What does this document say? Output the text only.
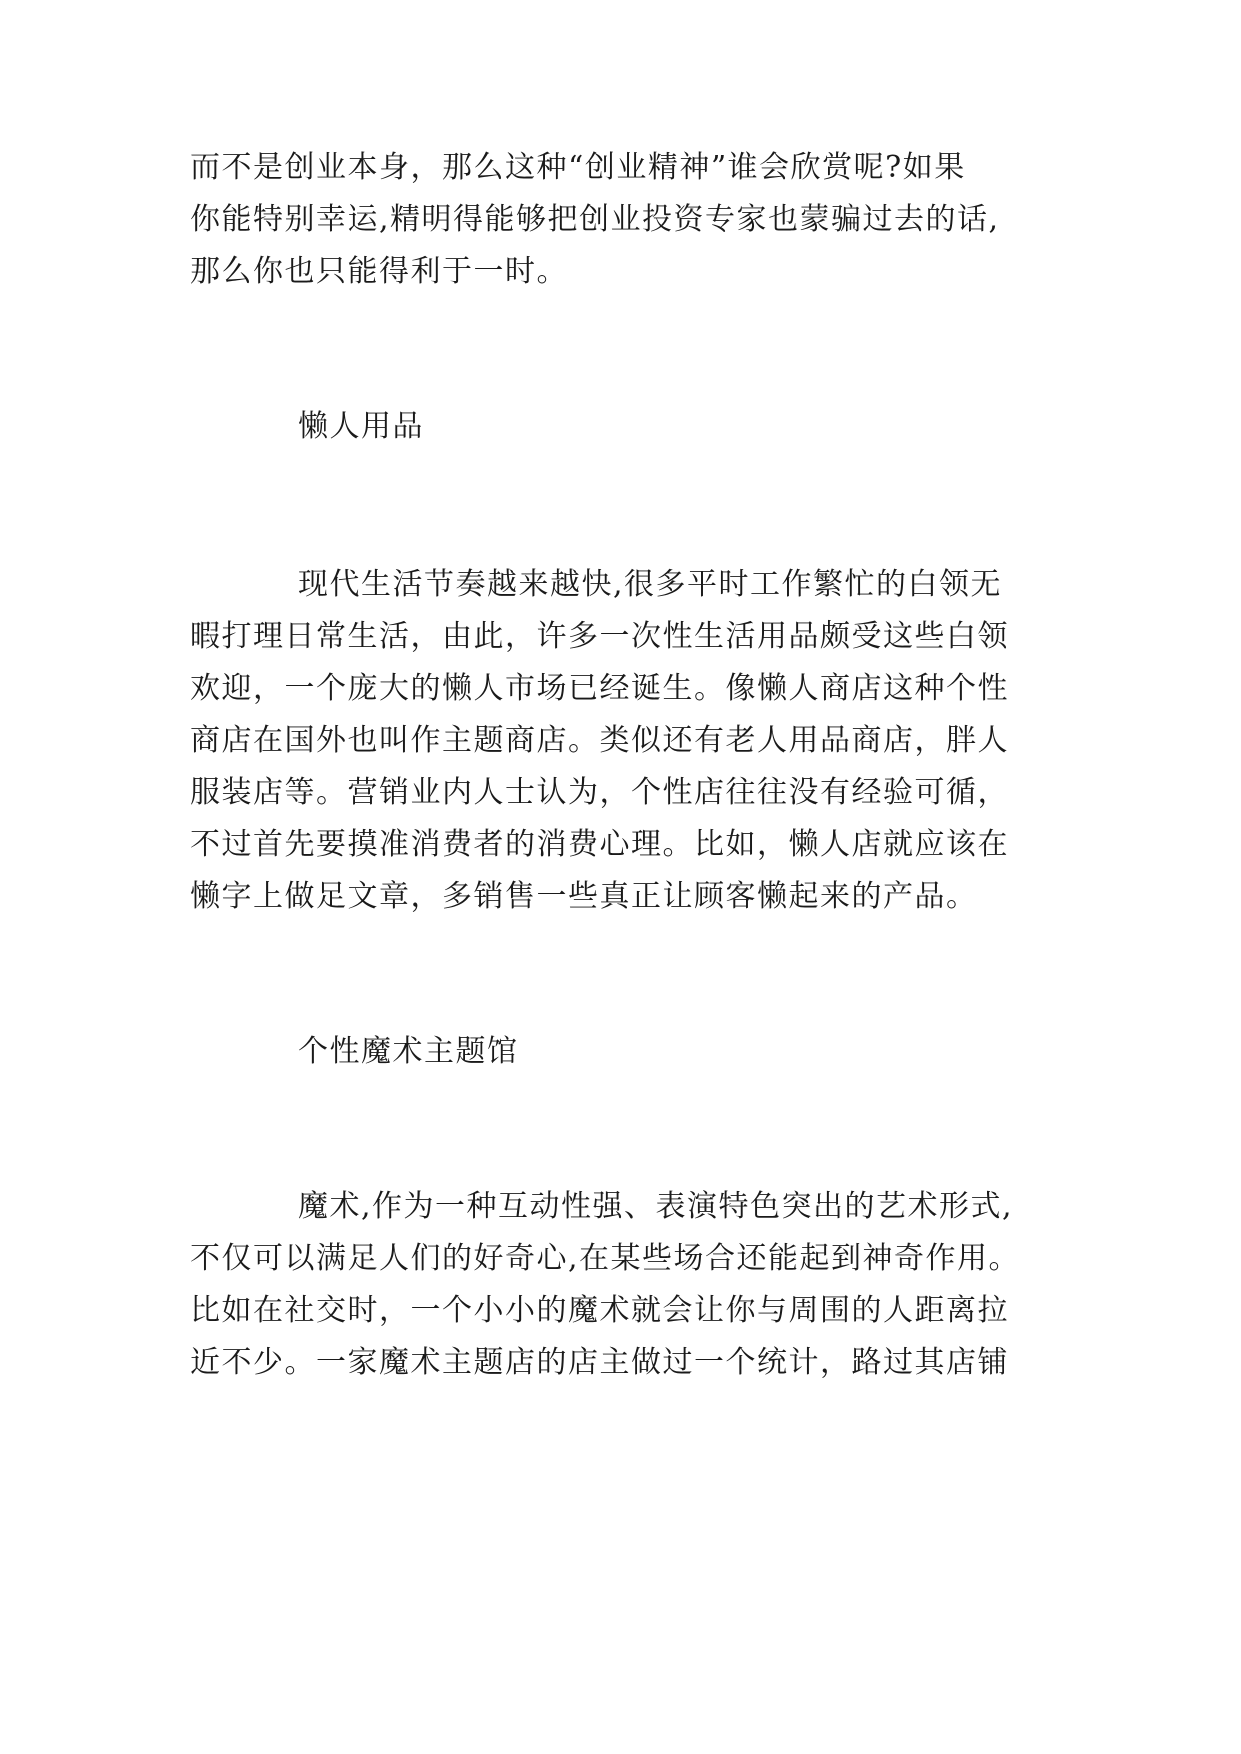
而不是创业本身，那么这种“创业精神”谁会欣赏呢?如果
你能特别幸运,精明得能够把创业投资专家也蒙骗过去的话,
那么你也只能得利于一时。
懒人用品
现代生活节奏越来越快,很多平时工作繁忙的白领无
暇打理日常生活，由此，许多一次性生活用品颇受这些白领
欢迎，一个庞大的懒人市场已经诞生。像懒人商店这种个性
商店在国外也叫作主题商店。类似还有老人用品商店，胖人
服装店等。营销业内人士认为，个性店往往没有经验可循，
不过首先要摸准消费者的消费心理。比如，懒人店就应该在
懒字上做足文章，多销售一些真正让顾客懒起来的产品。
个性魔术主题馆
魔术,作为一种互动性强、表演特色突出的艺术形式,
不仅可以满足人们的好奇心,在某些场合还能起到神奇作用。
比如在社交时，一个小小的魔术就会让你与周围的人距离拉
近不少。一家魔术主题店的店主做过一个统计，路过其店铺
